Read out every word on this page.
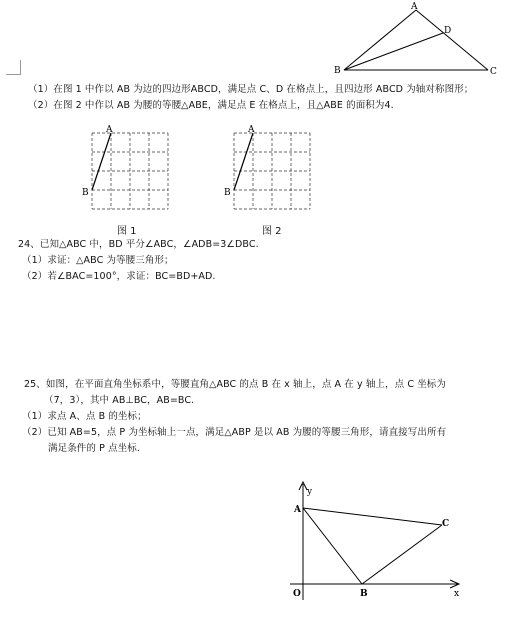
A
D
B	C
（1）在图 1 中作以 AB 为边的四边形ABCD，满足点 C、D 在格点上，且四边形 ABCD 为轴对称图形；
（2）在图 2 中作以 AB 为腰的等腰△ABE，满足点 E 在格点上，且△ABE 的面积为4.
A
B
图 1
A
B
图 2
24、已知△ABC 中，BD 平分∠ABC，∠ADB=3∠DBC.
（1）求证：△ABC 为等腰三角形；
（2）若∠BAC=100°，求证：BC=BD+AD.
25、如图，在平面直角坐标系中，等腰直角△ABC 的点 B 在 x 轴上，点 A 在 y 轴上，点 C 坐标为
（7，3），其中 AB⊥BC，AB=BC.
（1）求点 A、点 B 的坐标；
（2）已知 AB=5，点 P 为坐标轴上一点，满足△ABP 是以 AB 为腰的等腰三角形，请直接写出所有
满足条件的 P 点坐标.
y
x
O
A
B
C
